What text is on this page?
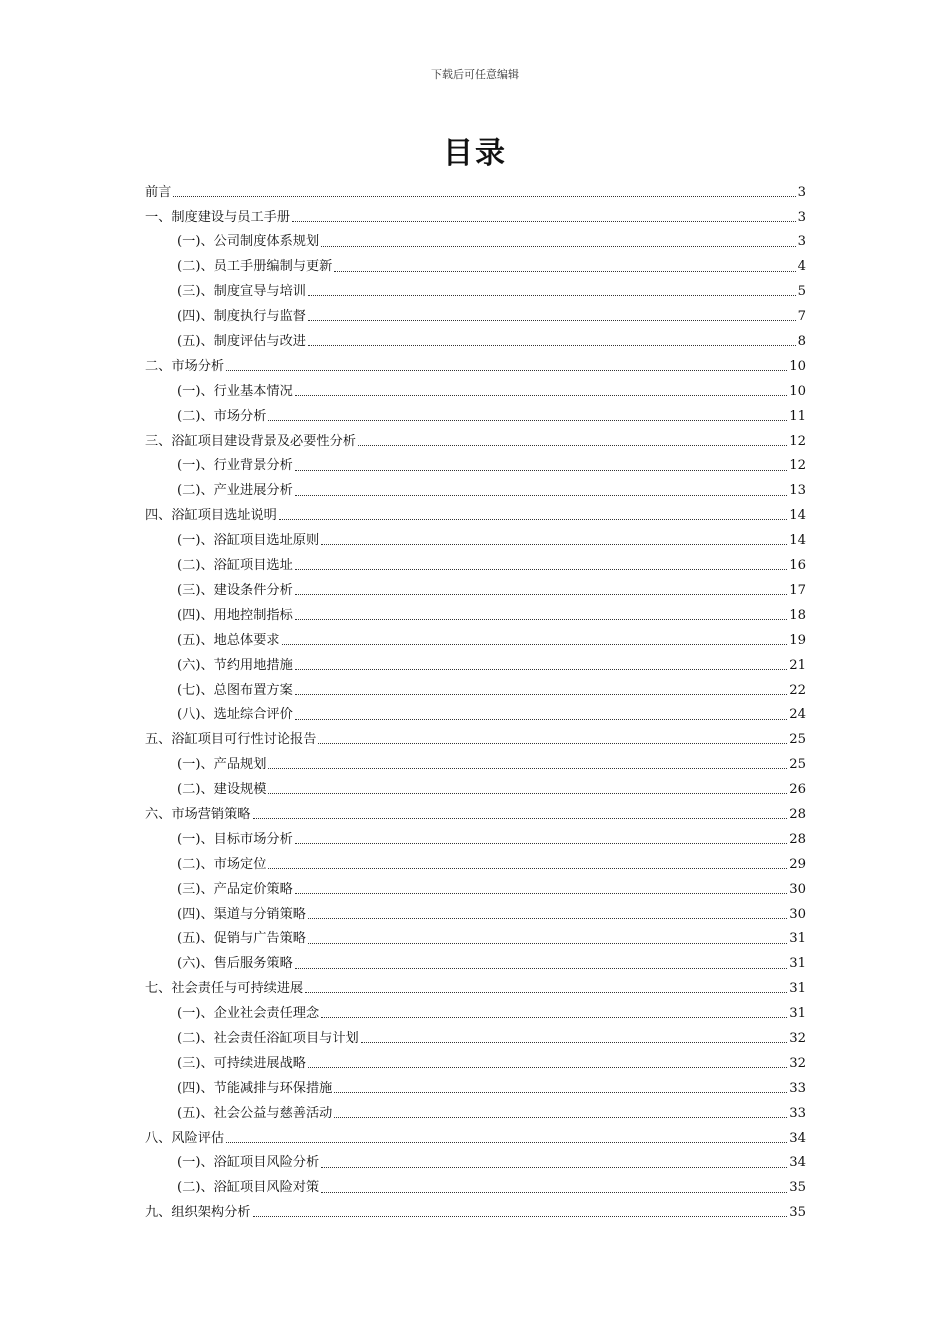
下载后可任意编辑
目录
前言	3
一、制度建设与员工手册	3
(一)、公司制度体系规划	3
(二)、员工手册编制与更新	4
(三)、制度宣导与培训	5
(四)、制度执行与监督	7
(五)、制度评估与改进	8
二、市场分析	10
(一)、行业基本情况	10
(二)、市场分析	11
三、浴缸项目建设背景及必要性分析	12
(一)、行业背景分析	12
(二)、产业进展分析	13
四、浴缸项目选址说明	14
(一)、浴缸项目选址原则	14
(二)、浴缸项目选址	16
(三)、建设条件分析	17
(四)、用地控制指标	18
(五)、地总体要求	19
(六)、节约用地措施	21
(七)、总图布置方案	22
(八)、选址综合评价	24
五、浴缸项目可行性讨论报告	25
(一)、产品规划	25
(二)、建设规模	26
六、市场营销策略	28
(一)、目标市场分析	28
(二)、市场定位	29
(三)、产品定价策略	30
(四)、渠道与分销策略	30
(五)、促销与广告策略	31
(六)、售后服务策略	31
七、社会责任与可持续进展	31
(一)、企业社会责任理念	31
(二)、社会责任浴缸项目与计划	32
(三)、可持续进展战略	32
(四)、节能减排与环保措施	33
(五)、社会公益与慈善活动	33
八、风险评估	34
(一)、浴缸项目风险分析	34
(二)、浴缸项目风险对策	35
九、组织架构分析	35
